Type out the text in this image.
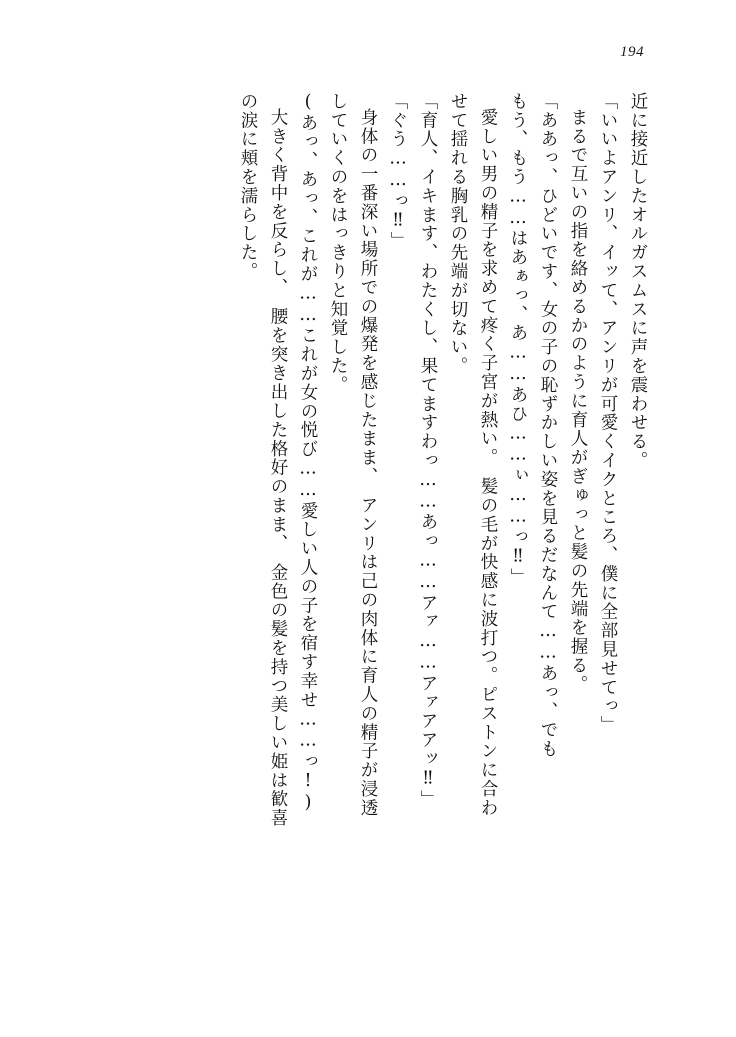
194
近に接近したオルガスムスに声を震わせる。
「いいよアンリ、イッて、アンリが可愛くイクところ、僕に全部見せてっ」
まるで互いの指を絡めるかのように育人がぎゅっと髪の先端を握る。
「ああっ、ひどいです、女の子の恥ずかしい姿を見るだなんて……あっ、でも
もう、もう……はあぁっ、あ……あひ……ぃ……っ‼」
愛しい男の精子を求めて疼く子宮が熱い。　髪の毛が快感に波打つ。ピストンに合わ
せて揺れる胸乳の先端が切ない。
「育人、イキます、わたくし、果てますわっ……あっ……アァ……アァアアッ‼」
「ぐう……っ‼」
身体の一番深い場所での爆発を感じたまま、　アンリは己の肉体に育人の精子が浸透
していくのをはっきりと知覚した。
(あっ、あっ、これが……これが女の悦び……愛しい人の子を宿す幸せ……っ!)
大きく背中を反らし、　腰を突き出した格好のまま、　金色の髪を持つ美しい姫は歓喜
の涙に頬を濡らした。
